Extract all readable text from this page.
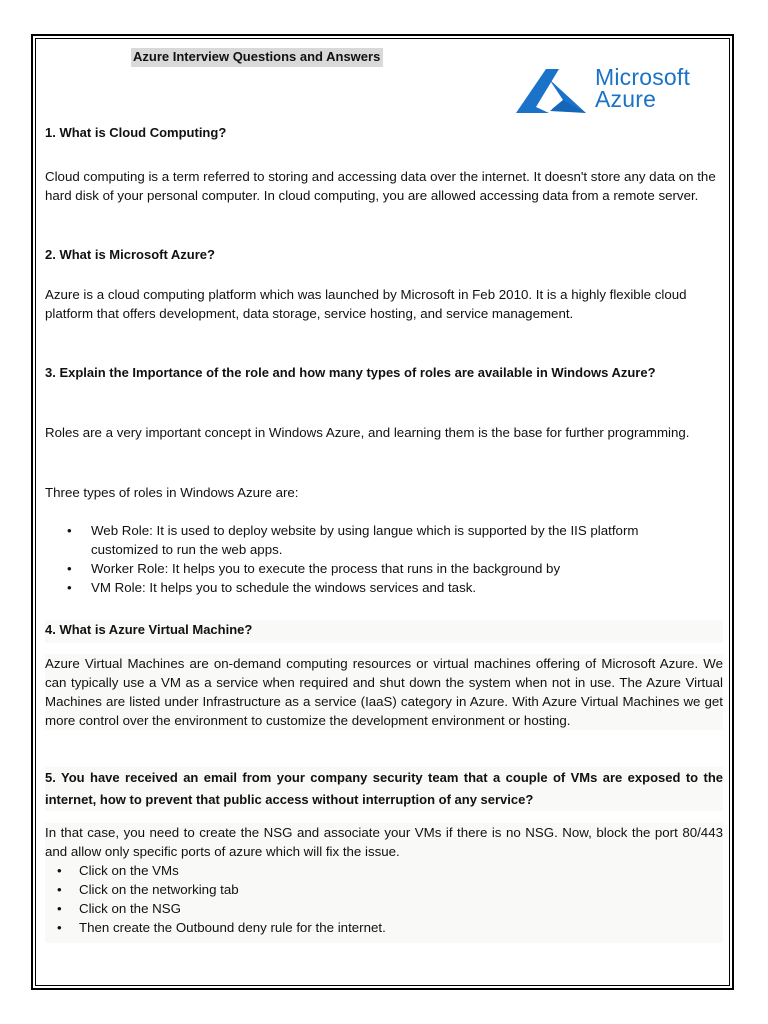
Azure Interview Questions and Answers
Microsoft
Azure
1. What is Cloud Computing?
Cloud computing is a term referred to storing and accessing data over the internet. It doesn't store any data on the hard disk of your personal computer. In cloud computing, you are allowed accessing data from a remote server.
2. What is Microsoft Azure?
Azure is a cloud computing platform which was launched by Microsoft in Feb 2010. It is a highly flexible cloud platform that offers development, data storage, service hosting, and service management.
3. Explain the Importance of the role and how many types of roles are available in Windows Azure?
Roles are a very important concept in Windows Azure, and learning them is the base for further programming.
Three types of roles in Windows Azure are:
• Web Role: It is used to deploy website by using langue which is supported by the IIS platform customized to run the web apps.
• Worker Role: It helps you to execute the process that runs in the background by
• VM Role: It helps you to schedule the windows services and task.
4. What is Azure Virtual Machine?
Azure Virtual Machines are on-demand computing resources or virtual machines offering of Microsoft Azure. We can typically use a VM as a service when required and shut down the system when not in use. The Azure Virtual Machines are listed under Infrastructure as a service (IaaS) category in Azure. With Azure Virtual Machines we get more control over the environment to customize the development environment or hosting.
5. You have received an email from your company security team that a couple of VMs are exposed to the internet, how to prevent that public access without interruption of any service?
In that case, you need to create the NSG and associate your VMs if there is no NSG. Now, block the port 80/443 and allow only specific ports of azure which will fix the issue.
• Click on the VMs
• Click on the networking tab
• Click on the NSG
• Then create the Outbound deny rule for the internet.
